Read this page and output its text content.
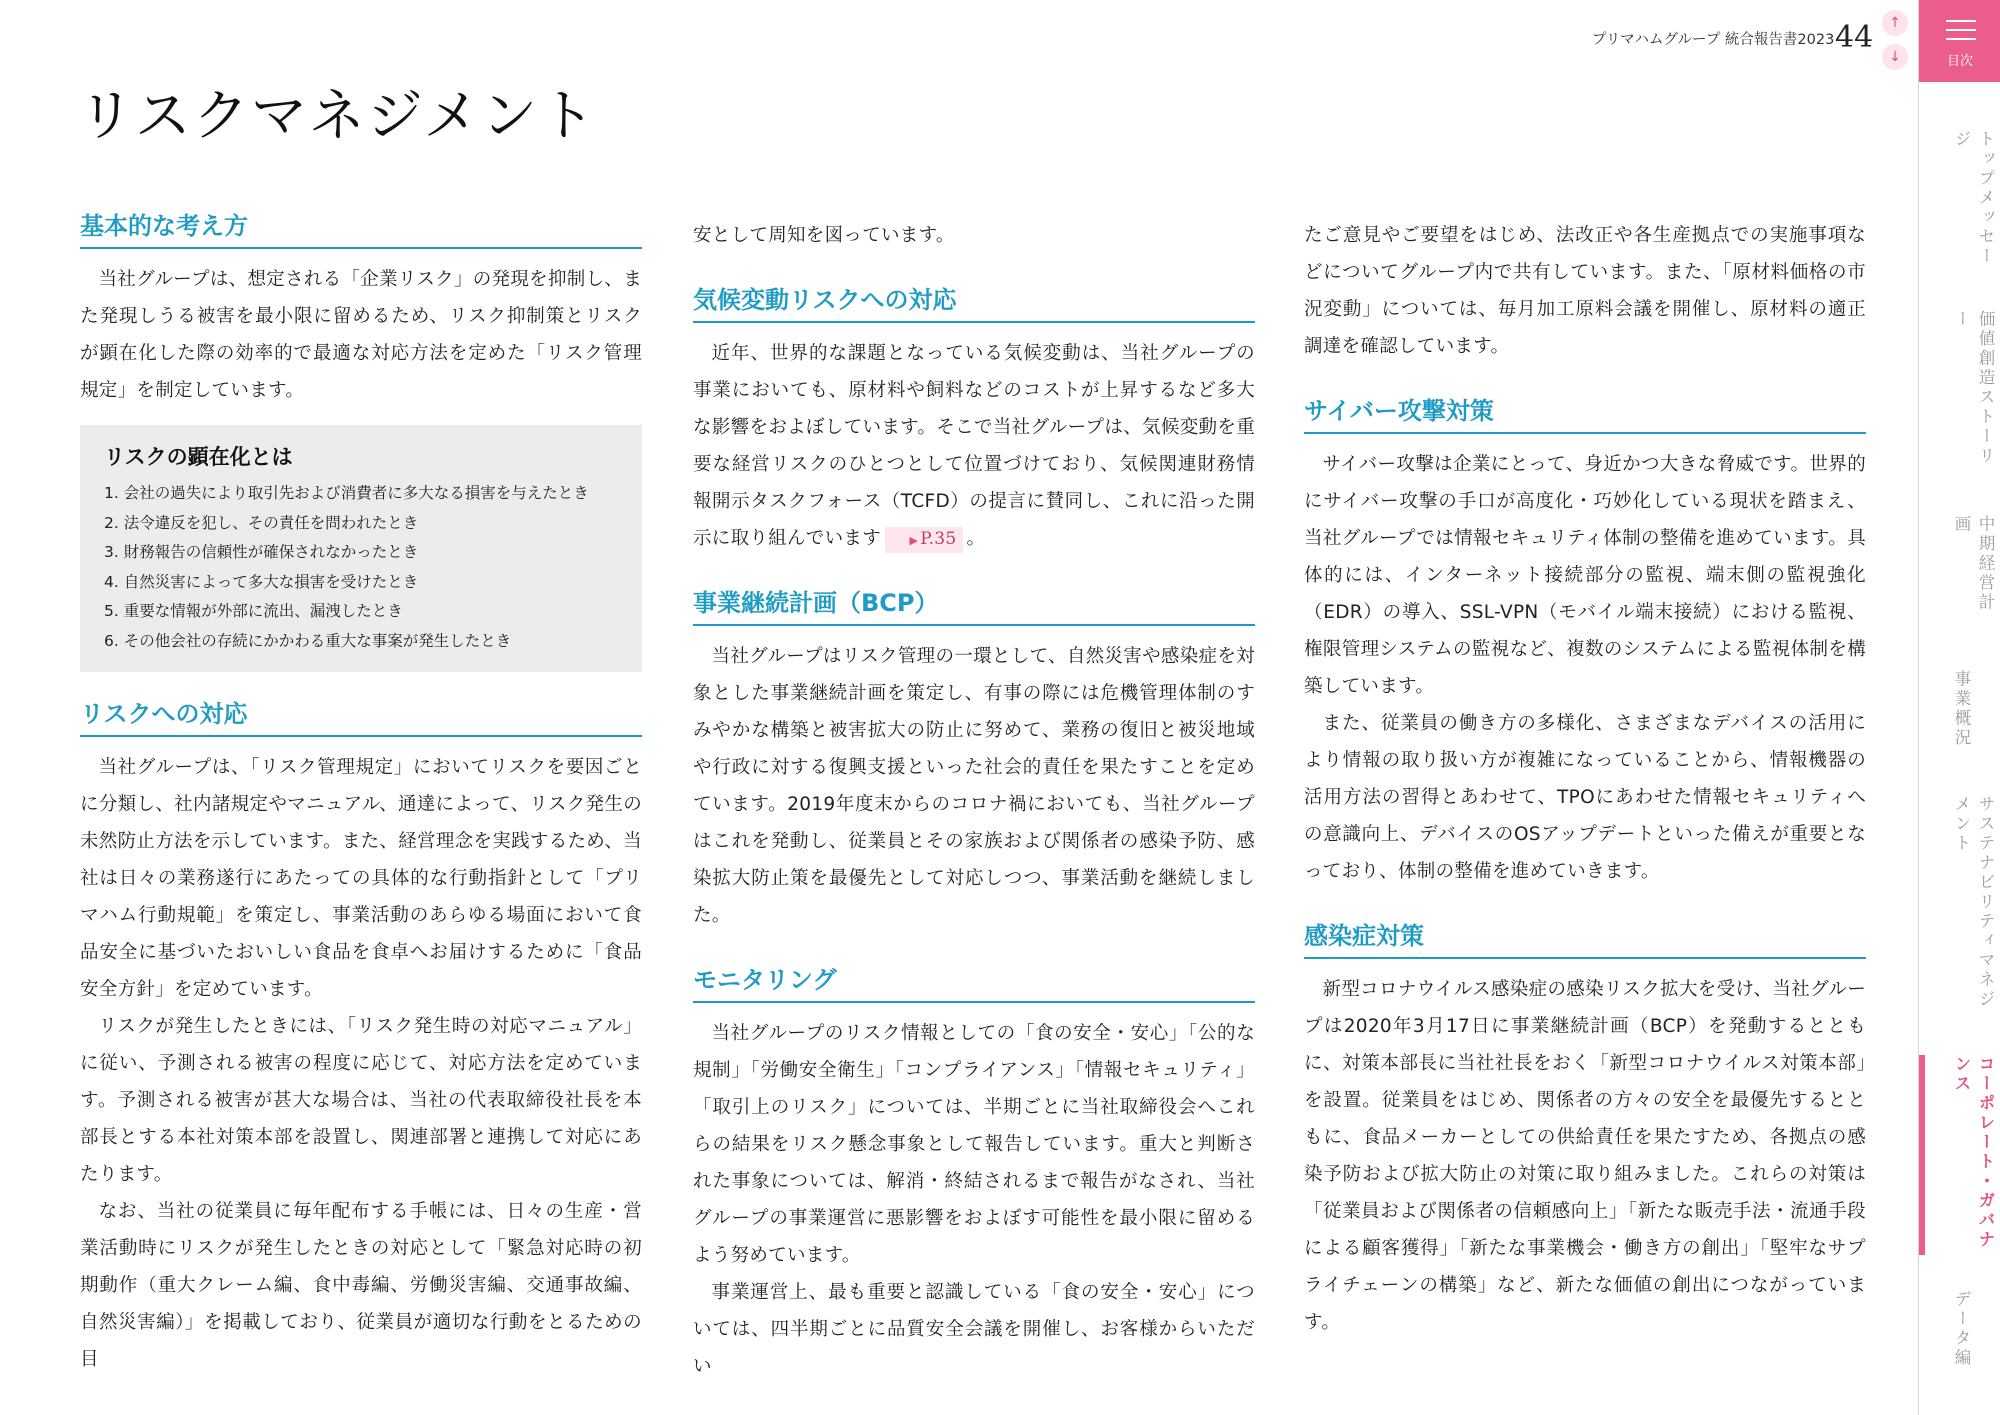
プリマハムグループ 統合報告書2023 44	↑
↓
リスクマネジメント
基本的な考え方

当社グループは、想定される「企業リスク」の発現を抑制し、また発現しうる被害を最小限に留めるため、リスク抑制策とリスクが顕在化した際の効率的で最適な対応方法を定めた「リスク管理規定」を制定しています。

リスクの顕在化とは
1. 会社の過失により取引先および消費者に多大なる損害を与えたとき
2. 法令違反を犯し、その責任を問われたとき
3. 財務報告の信頼性が確保されなかったとき
4. 自然災害によって多大な損害を受けたとき
5. 重要な情報が外部に流出、漏洩したとき
6. その他会社の存続にかかわる重大な事案が発生したとき
リスクへの対応

当社グループは、「リスク管理規定」においてリスクを要因ごとに分類し、社内諸規定やマニュアル、通達によって、リスク発生の未然防止方法を示しています。また、経営理念を実践するため、当社は日々の業務遂行にあたっての具体的な行動指針として「プリマハム行動規範」を策定し、事業活動のあらゆる場面において食品安全に基づいたおいしい食品を食卓へお届けするために「食品安全方針」を定めています。

リスクが発生したときには、「リスク発生時の対応マニュアル」に従い、予測される被害の程度に応じて、対応方法を定めています。予測される被害が甚大な場合は、当社の代表取締役社長を本部長とする本社対策本部を設置し、関連部署と連携して対応にあたります。

なお、当社の従業員に毎年配布する手帳には、日々の生産・営業活動時にリスクが発生したときの対応として「緊急対応時の初期動作（重大クレーム編、食中毒編、労働災害編、交通事故編、自然災害編）」を掲載しており、従業員が適切な行動をとるための目

安として周知を図っています。

気候変動リスクへの対応

近年、世界的な課題となっている気候変動は、当社グループの事業においても、原材料や飼料などのコストが上昇するなど多大な影響をおよぼしています。そこで当社グループは、気候変動を重要な経営リスクのひとつとして位置づけており、気候関連財務情報開示タスクフォース（TCFD）の提言に賛同し、これに沿った開示に取り組んでいます	▶ P.35 。

事業継続計画（BCP）

当社グループはリスク管理の一環として、自然災害や感染症を対象とした事業継続計画を策定し、有事の際には危機管理体制のすみやかな構築と被害拡大の防止に努めて、業務の復旧と被災地域や行政に対する復興支援といった社会的責任を果たすことを定めています。2019年度末からのコロナ禍においても、当社グループはこれを発動し、従業員とその家族および関係者の感染予防、感染拡大防止策を最優先として対応しつつ、事業活動を継続しました。

モニタリング

当社グループのリスク情報としての「食の安全・安心」「公的な規制」「労働安全衛生」「コンプライアンス」「情報セキュリティ」「取引上のリスク」については、半期ごとに当社取締役会へこれらの結果をリスク懸念事象として報告しています。重大と判断された事象については、解消・終結されるまで報告がなされ、当社グループの事業運営に悪影響をおよぼす可能性を最小限に留めるよう努めています。

事業運営上、最も重要と認識している「食の安全・安心」については、四半期ごとに品質安全会議を開催し、お客様からいただい

たご意見やご要望をはじめ、法改正や各生産拠点での実施事項などについてグループ内で共有しています。また、「原材料価格の市況変動」については、毎月加工原料会議を開催し、原材料の適正調達を確認しています。

サイバー攻撃対策

サイバー攻撃は企業にとって、身近かつ大きな脅威です。世界的にサイバー攻撃の手口が高度化・巧妙化している現状を踏まえ、当社グループでは情報セキュリティ体制の整備を進めています。具体的には、インターネット接続部分の監視、端末側の監視強化（EDR）の導入、SSL-VPN（モバイル端末接続）における監視、権限管理システムの監視など、複数のシステムによる監視体制を構築しています。

また、従業員の働き方の多様化、さまざまなデバイスの活用により情報の取り扱い方が複雑になっていることから、情報機器の活用方法の習得とあわせて、TPOにあわせた情報セキュリティへの意識向上、デバイスのOSアップデートといった備えが重要となっており、体制の整備を進めていきます。

感染症対策

新型コロナウイルス感染症の感染リスク拡大を受け、当社グループは2020年3月17日に事業継続計画（BCP）を発動するとともに、対策本部長に当社社長をおく「新型コロナウイルス対策本部」を設置。従業員をはじめ、関係者の方々の安全を最優先するとともに、食品メーカーとしての供給責任を果たすため、各拠点の感染予防および拡大防止の対策に取り組みました。これらの対策は「従業員および関係者の信頼感向上」「新たな販売手法・流通手段による顧客獲得」「新たな事業機会・働き方の創出」「堅牢なサプライチェーンの構築」など、新たな価値の創出につながっています。

目次
トップメッセージ
価値創造ストーリー
中期経営計画
事業概況
サステナビリティマネジメント
コーポレート・ガバナンス
データ編
